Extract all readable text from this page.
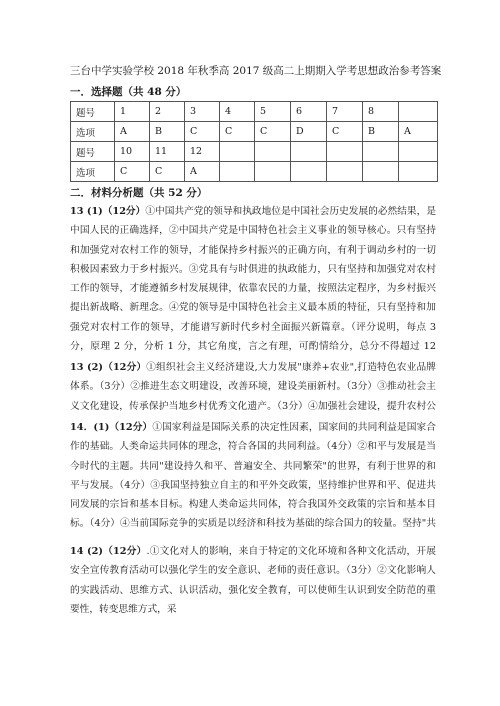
三台中学实验学校 2018 年秋季高 2017 级高二上期期入学考思想政治参考答案
一．选择题（共 48 分）
题号	1	2	3	4	5	6	7	8	
选项	A	B	C	C	C	D	C	B	A
题号	10	11	12						
选项	C	C	A						
二．材料分析题（共 52 分）
13 (1)（12分）①中国共产党的领导和执政地位是中国社会历史发展的必然结果，是中国人民的正确选择，②中国共产党是中国特色社会主义事业的领导核心。只有坚持和加强党对农村工作的领导，才能保持乡村振兴的正确方向，有利于调动乡村的一切积极因素致力于乡村振兴。③党具有与时俱进的执政能力，只有坚持和加强党对农村工作的领导，才能遵循乡村发展规律，依靠农民的力量，按照法定程序，为乡村振兴提出新战略、新理念。④党的领导是中国特色社会主义最本质的特征，只有坚持和加强党对农村工作的领导，才能谱写新时代乡村全面振兴新篇章。（评分说明，每点 3 分，原理 2 分，分析 1 分，其它角度，言之有理，可酌情给分，总分不得超过 12
13 (2)（12分）①组织社会主义经济建设,大力发展"康养+农业",打造特色农业品牌体系。（3分）②推进生态文明建设，改善环境，建设美丽新村。（3分）③推动社会主义文化建设，传承保护当地乡村优秀文化遗产。（3分）④加强社会建设，提升农村公
14．(1)（12分）①国家利益是国际关系的决定性因素，国家间的共同利益是国家合作的基础。人类命运共同体的理念，符合各国的共同利益。（4分）②和平与发展是当今时代的主题。共同"建设持久和平、普遍安全、共同繁荣"的世界，有利于世界的和平与发展。（4分）③我国坚持独立自主的和平外交政策，坚持维护世界和平、促进共同发展的宗旨和基本目标。构建人类命运共同体，符合我国外交政策的宗旨和基本目标。（4分）④当前国际竞争的实质是以经济和科技为基础的综合国力的较量。坚持"共
14 (2)（12分）.①文化对人的影响，来自于特定的文化环境和各种文化活动，开展安全宣传教育活动可以强化学生的安全意识、老师的责任意识。（3分）②文化影响人的实践活动、思维方式、认识活动，强化安全教育，可以使师生认识到安全防范的重要性，转变思维方式，采
